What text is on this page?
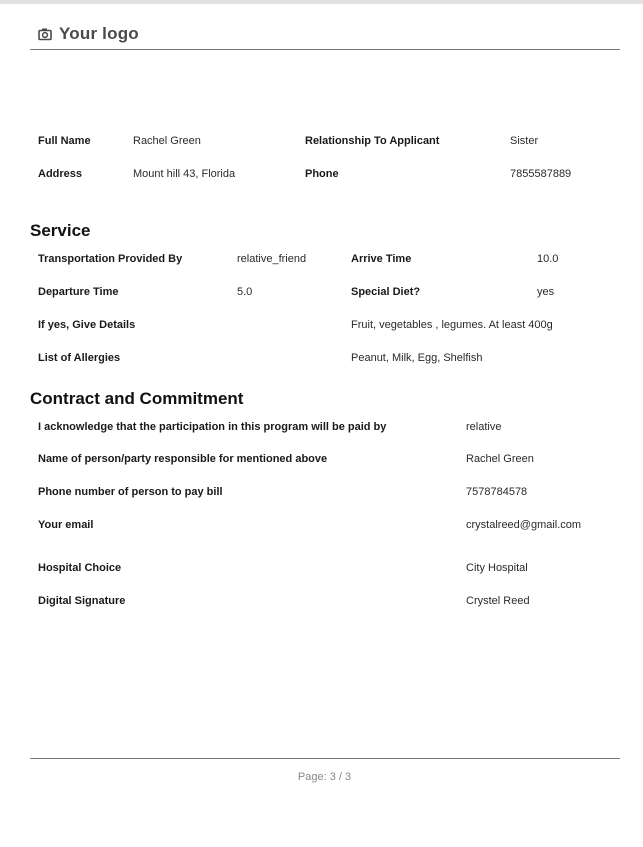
Your logo
Full Name	Rachel Green	Relationship To Applicant	Sister
Address	Mount hill 43, Florida	Phone	7855587889
Service
Transportation Provided By	relative_friend	Arrive Time	10.0
Departure Time	5.0	Special Diet?	yes
If yes, Give Details	Fruit, vegetables , legumes. At least 400g
List of Allergies	Peanut, Milk, Egg, Shelfish
Contract and Commitment
I acknowledge that the participation in this program will be paid by	relative
Name of person/party responsible for mentioned above	Rachel Green
Phone number of person to pay bill	7578784578
Your email	crystalreed@gmail.com
Hospital Choice	City Hospital
Digital Signature	Crystel Reed
Page: 3 / 3
